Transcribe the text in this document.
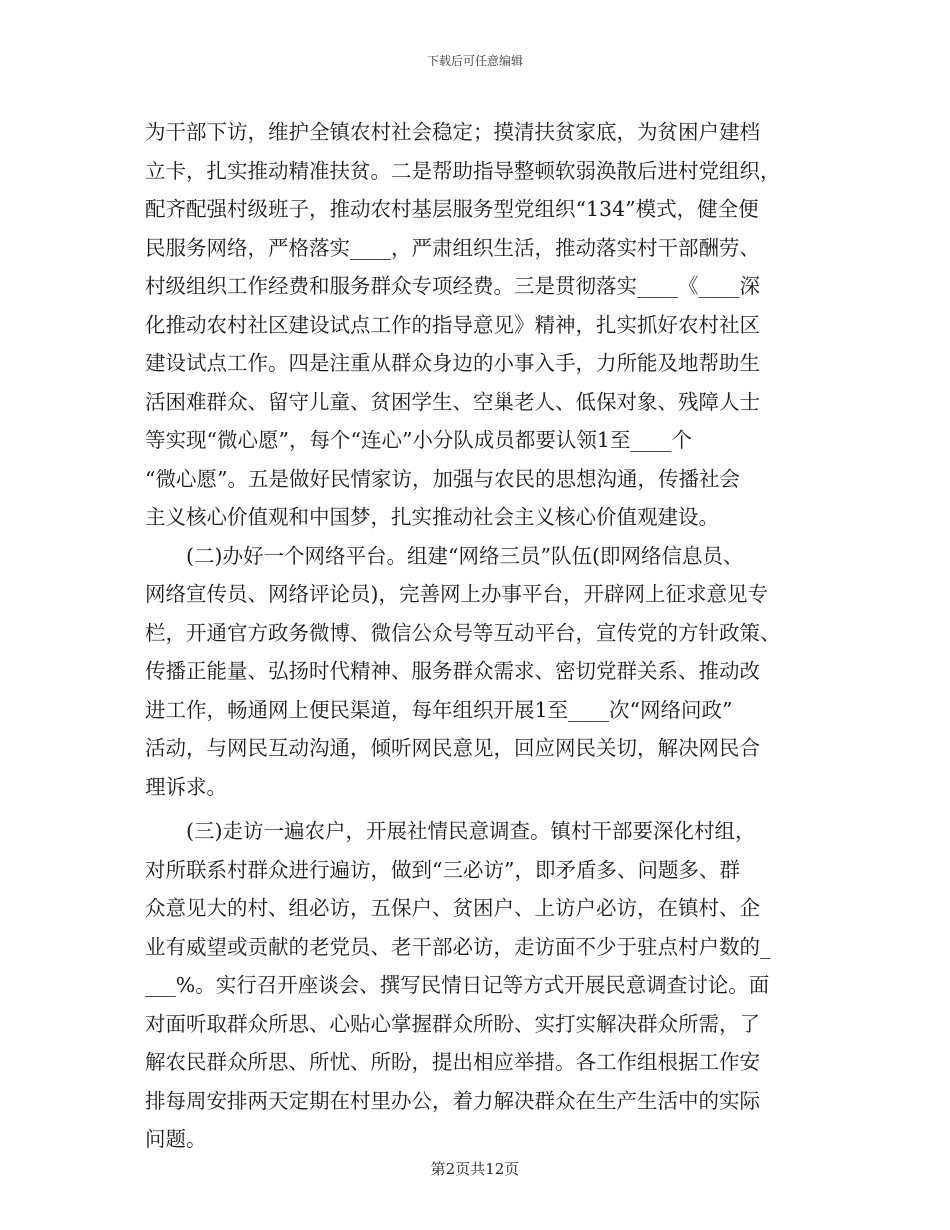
下载后可任意编辑
为干部下访，维护全镇农村社会稳定；摸清扶贫家底，为贫困户建档
立卡，扎实推动精准扶贫。二是帮助指导整顿软弱涣散后进村党组织，
配齐配强村级班子，推动农村基层服务型党组织“134”模式，健全便
民服务网络，严格落实____，严肃组织生活，推动落实村干部酬劳、
村级组织工作经费和服务群众专项经费。三是贯彻落实____《____深
化推动农村社区建设试点工作的指导意见》精神，扎实抓好农村社区
建设试点工作。四是注重从群众身边的小事入手，力所能及地帮助生
活困难群众、留守儿童、贫困学生、空巢老人、低保对象、残障人士
等实现“微心愿”，每个“连心”小分队成员都要认领1至____个
“微心愿”。五是做好民情家访，加强与农民的思想沟通，传播社会
主义核心价值观和中国梦，扎实推动社会主义核心价值观建设。
(二)办好一个网络平台。组建“网络三员”队伍(即网络信息员、
网络宣传员、网络评论员)，完善网上办事平台，开辟网上征求意见专
栏，开通官方政务微博、微信公众号等互动平台，宣传党的方针政策、
传播正能量、弘扬时代精神、服务群众需求、密切党群关系、推动改
进工作，畅通网上便民渠道，每年组织开展1至____次“网络问政”
活动，与网民互动沟通，倾听网民意见，回应网民关切，解决网民合
理诉求。
(三)走访一遍农户，开展社情民意调查。镇村干部要深化村组，
对所联系村群众进行遍访，做到“三必访”，即矛盾多、问题多、群
众意见大的村、组必访，五保户、贫困户、上访户必访，在镇村、企
业有威望或贡献的老党员、老干部必访，走访面不少于驻点村户数的_
___%。实行召开座谈会、撰写民情日记等方式开展民意调查讨论。面
对面听取群众所思、心贴心掌握群众所盼、实打实解决群众所需，了
解农民群众所思、所忧、所盼，提出相应举措。各工作组根据工作安
排每周安排两天定期在村里办公，着力解决群众在生产生活中的实际
问题。
第2页共12页
